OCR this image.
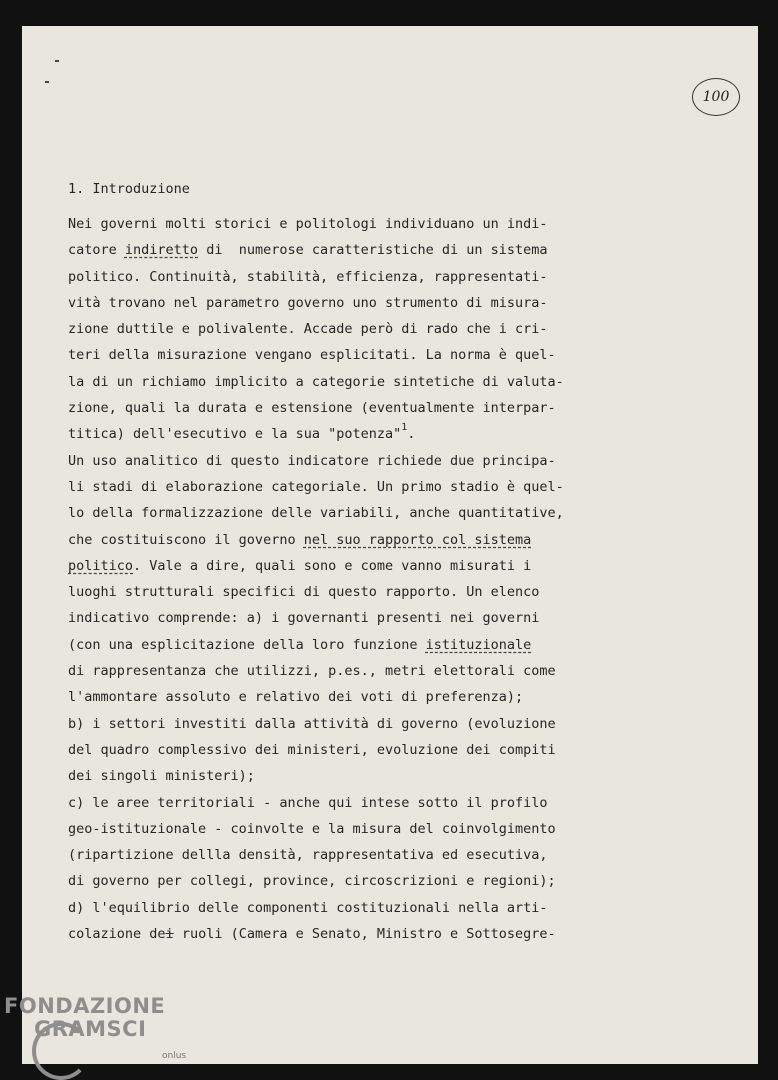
100
1. Introduzione
Nei governi molti storici e politologi individuano un indi-
catore indiretto di  numerose caratteristiche di un sistema
politico. Continuità, stabilità, efficienza, rappresentati-
vità trovano nel parametro governo uno strumento di misura-
zione duttile e polivalente. Accade però di rado che i cri-
teri della misurazione vengano esplicitati. La norma è quel-
la di un richiamo implicito a categorie sintetiche di valuta-
zione, quali la durata e estensione (eventualmente interpar-
titica) dell'esecutivo e la sua "potenza"$^1$.
Un uso analitico di questo indicatore richiede due principa-
li stadi di elaborazione categoriale. Un primo stadio è quel-
lo della formalizzazione delle variabili, anche quantitative,
che costituiscono il governo nel suo rapporto col sistema
politico. Vale a dire, quali sono e come vanno misurati i
luoghi strutturali specifici di questo rapporto. Un elenco
indicativo comprende: a) i governanti presenti nei governi
(con una esplicitazione della loro funzione istituzionale
di rappresentanza che utilizzi, p.es., metri elettorali come
l'ammontare assoluto e relativo dei voti di preferenza);
b) i settori investiti dalla attività di governo (evoluzione
del quadro complessivo dei ministeri, evoluzione dei compiti
dei singoli ministeri);
c) le aree territoriali - anche qui intese sotto il profilo
geo-istituzionale - coinvolte e la misura del coinvolgimento
(ripartizione dellla densità, rappresentativa ed esecutiva,
di governo per collegi, province, circoscrizioni e regioni);
d) l'equilibrio delle componenti costituzionali nella arti-
colazione dei ruoli (Camera e Senato, Ministro e Sottosegre-
FONDAZIONE
GRAMSCI
onlus
